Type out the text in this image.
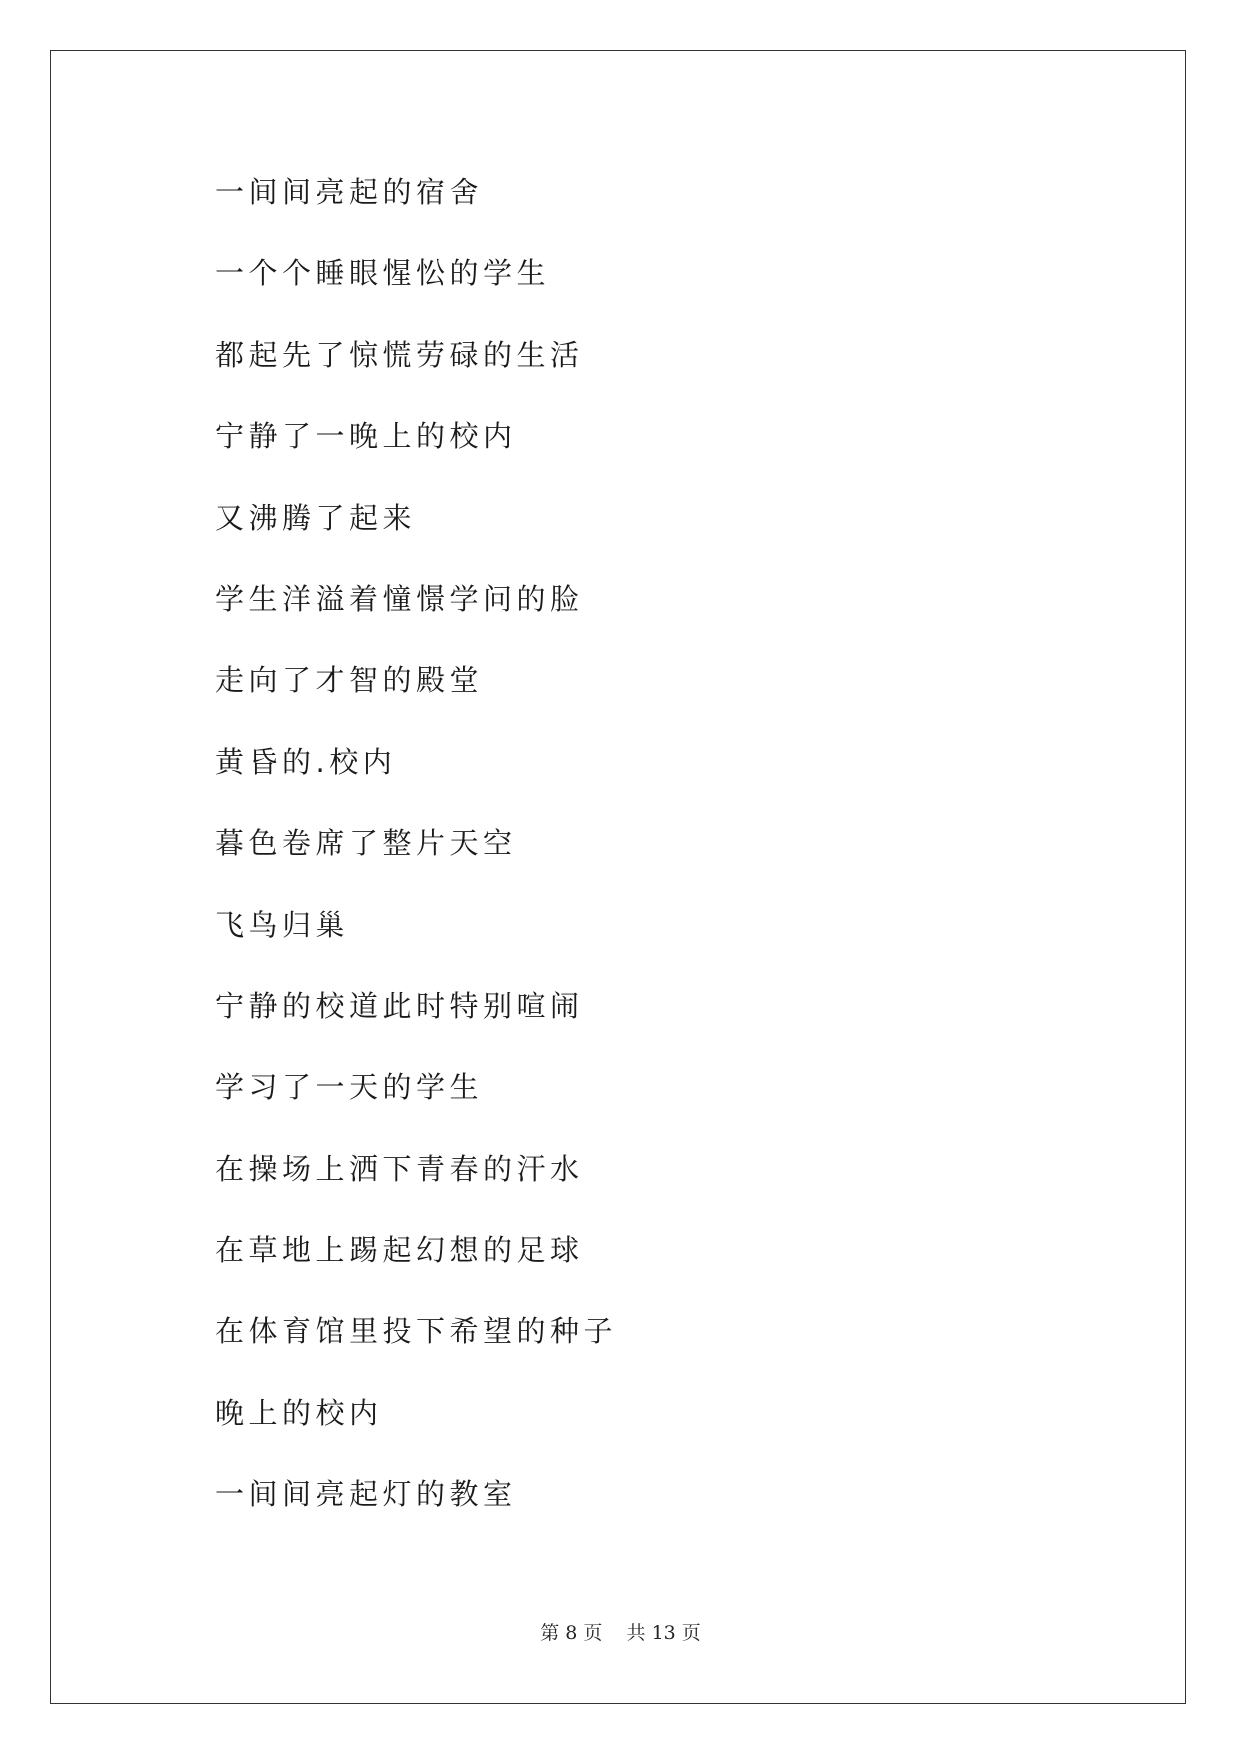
一间间亮起的宿舍
一个个睡眼惺忪的学生
都起先了惊慌劳碌的生活
宁静了一晚上的校内
又沸腾了起来
学生洋溢着憧憬学问的脸
走向了才智的殿堂
黄昏的.校内
暮色卷席了整片天空
飞鸟归巢
宁静的校道此时特别喧闹
学习了一天的学生
在操场上洒下青春的汗水
在草地上踢起幻想的足球
在体育馆里投下希望的种子
晚上的校内
一间间亮起灯的教室
第 8 页    共 13 页
